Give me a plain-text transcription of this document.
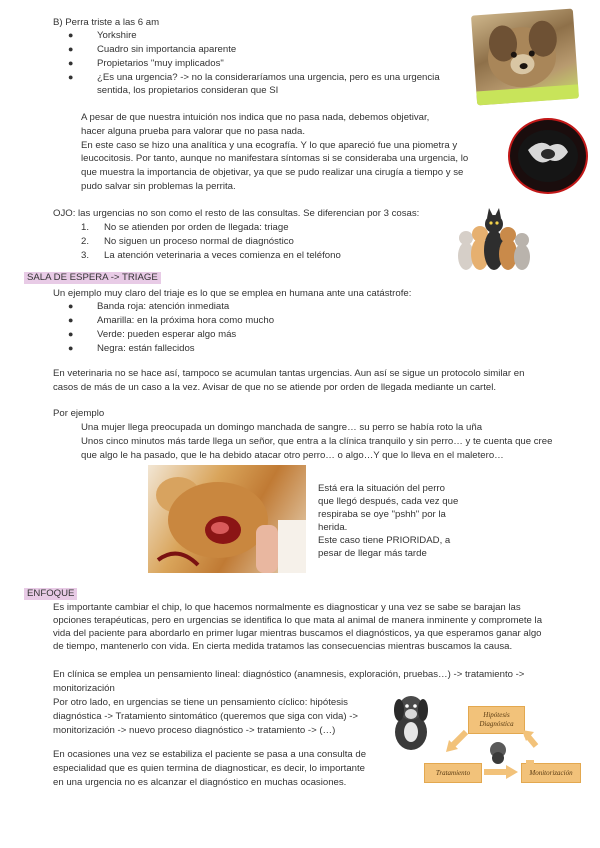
B) Perra triste a las 6 am
● Yorkshire
● Cuadro sin importancia aparente
● Propietarios "muy implicados"
● ¿Es una urgencia? -> no la consideraríamos una urgencia, pero es una urgencia
sentida, los propietarios consideran que SI
A pesar de que nuestra intuición nos indica que no pasa nada, debemos objetivar,
hacer alguna prueba para valorar que no pasa nada.
En este caso se hizo una analítica y una ecografía. Y lo que apareció fue una piometra y
leucocitosis. Por tanto, aunque no manifestara síntomas si se consideraba una urgencia, lo
que muestra la importancia de objetivar, ya que se pudo realizar una cirugía a tiempo y se
pudo salvar sin problemas la perrita.
OJO: las urgencias no son como el resto de las consultas. Se diferencian por 3 cosas:
1. No se atienden por orden de llegada: triage
2. No siguen un proceso normal de diagnóstico
3. La atención veterinaria a veces comienza en el teléfono
SALA DE ESPERA -> TRIAGE
Un ejemplo muy claro del triaje es lo que se emplea en humana ante una catástrofe:
● Banda roja: atención inmediata
● Amarilla: en la próxima hora como mucho
● Verde: pueden esperar algo más
● Negra: están fallecidos
En veterinaria no se hace así, tampoco se acumulan tantas urgencias. Aun así se sigue un protocolo similar en
casos de más de un caso a la vez. Avisar de que no se atiende por orden de llegada mediante un cartel.
Por ejemplo
Una mujer llega preocupada un domingo manchada de sangre… su perro se había roto la uña
Unos cinco minutos más tarde llega un señor, que entra a la clínica tranquilo y sin perro… y te cuenta que cree
que algo le ha pasado, que le ha debido atacar otro perro… o algo…Y que lo lleva en el maletero…
Está era la situación del perro
que llegó después, cada vez que
respiraba se oye "pshh" por la
herida.
Este caso tiene PRIORIDAD, a
pesar de llegar más tarde
ENFOQUE
Es importante cambiar el chip, lo que hacemos normalmente es diagnosticar y una vez se sabe se barajan las
opciones terapéuticas, pero en urgencias se identifica lo que mata al animal de manera inminente y compromete la
vida del paciente para abordarlo en primer lugar mientras buscamos el diagnósticos, ya que esperamos ganar algo
de tiempo, mantenerlo con vida. En cierta medida tratamos las consecuencias mientras buscamos la causa.
En clínica se emplea un pensamiento lineal: diagnóstico (anamnesis, exploración, pruebas…) -> tratamiento ->
monitorización
Por otro lado, en urgencias se tiene un pensamiento cíclico: hipótesis
diagnóstica -> Tratamiento sintomático (queremos que siga con vida) ->
monitorización -> nuevo proceso diagnóstico -> tratamiento -> (…)
En ocasiones una vez se estabiliza el paciente se pasa a una consulta de
especialidad que es quien termina de diagnosticar, es decir, lo importante
en una urgencia no es alcanzar el diagnóstico en muchas ocasiones.
Hipótesis Diagnóstica
Tratamiento	Monitorización
